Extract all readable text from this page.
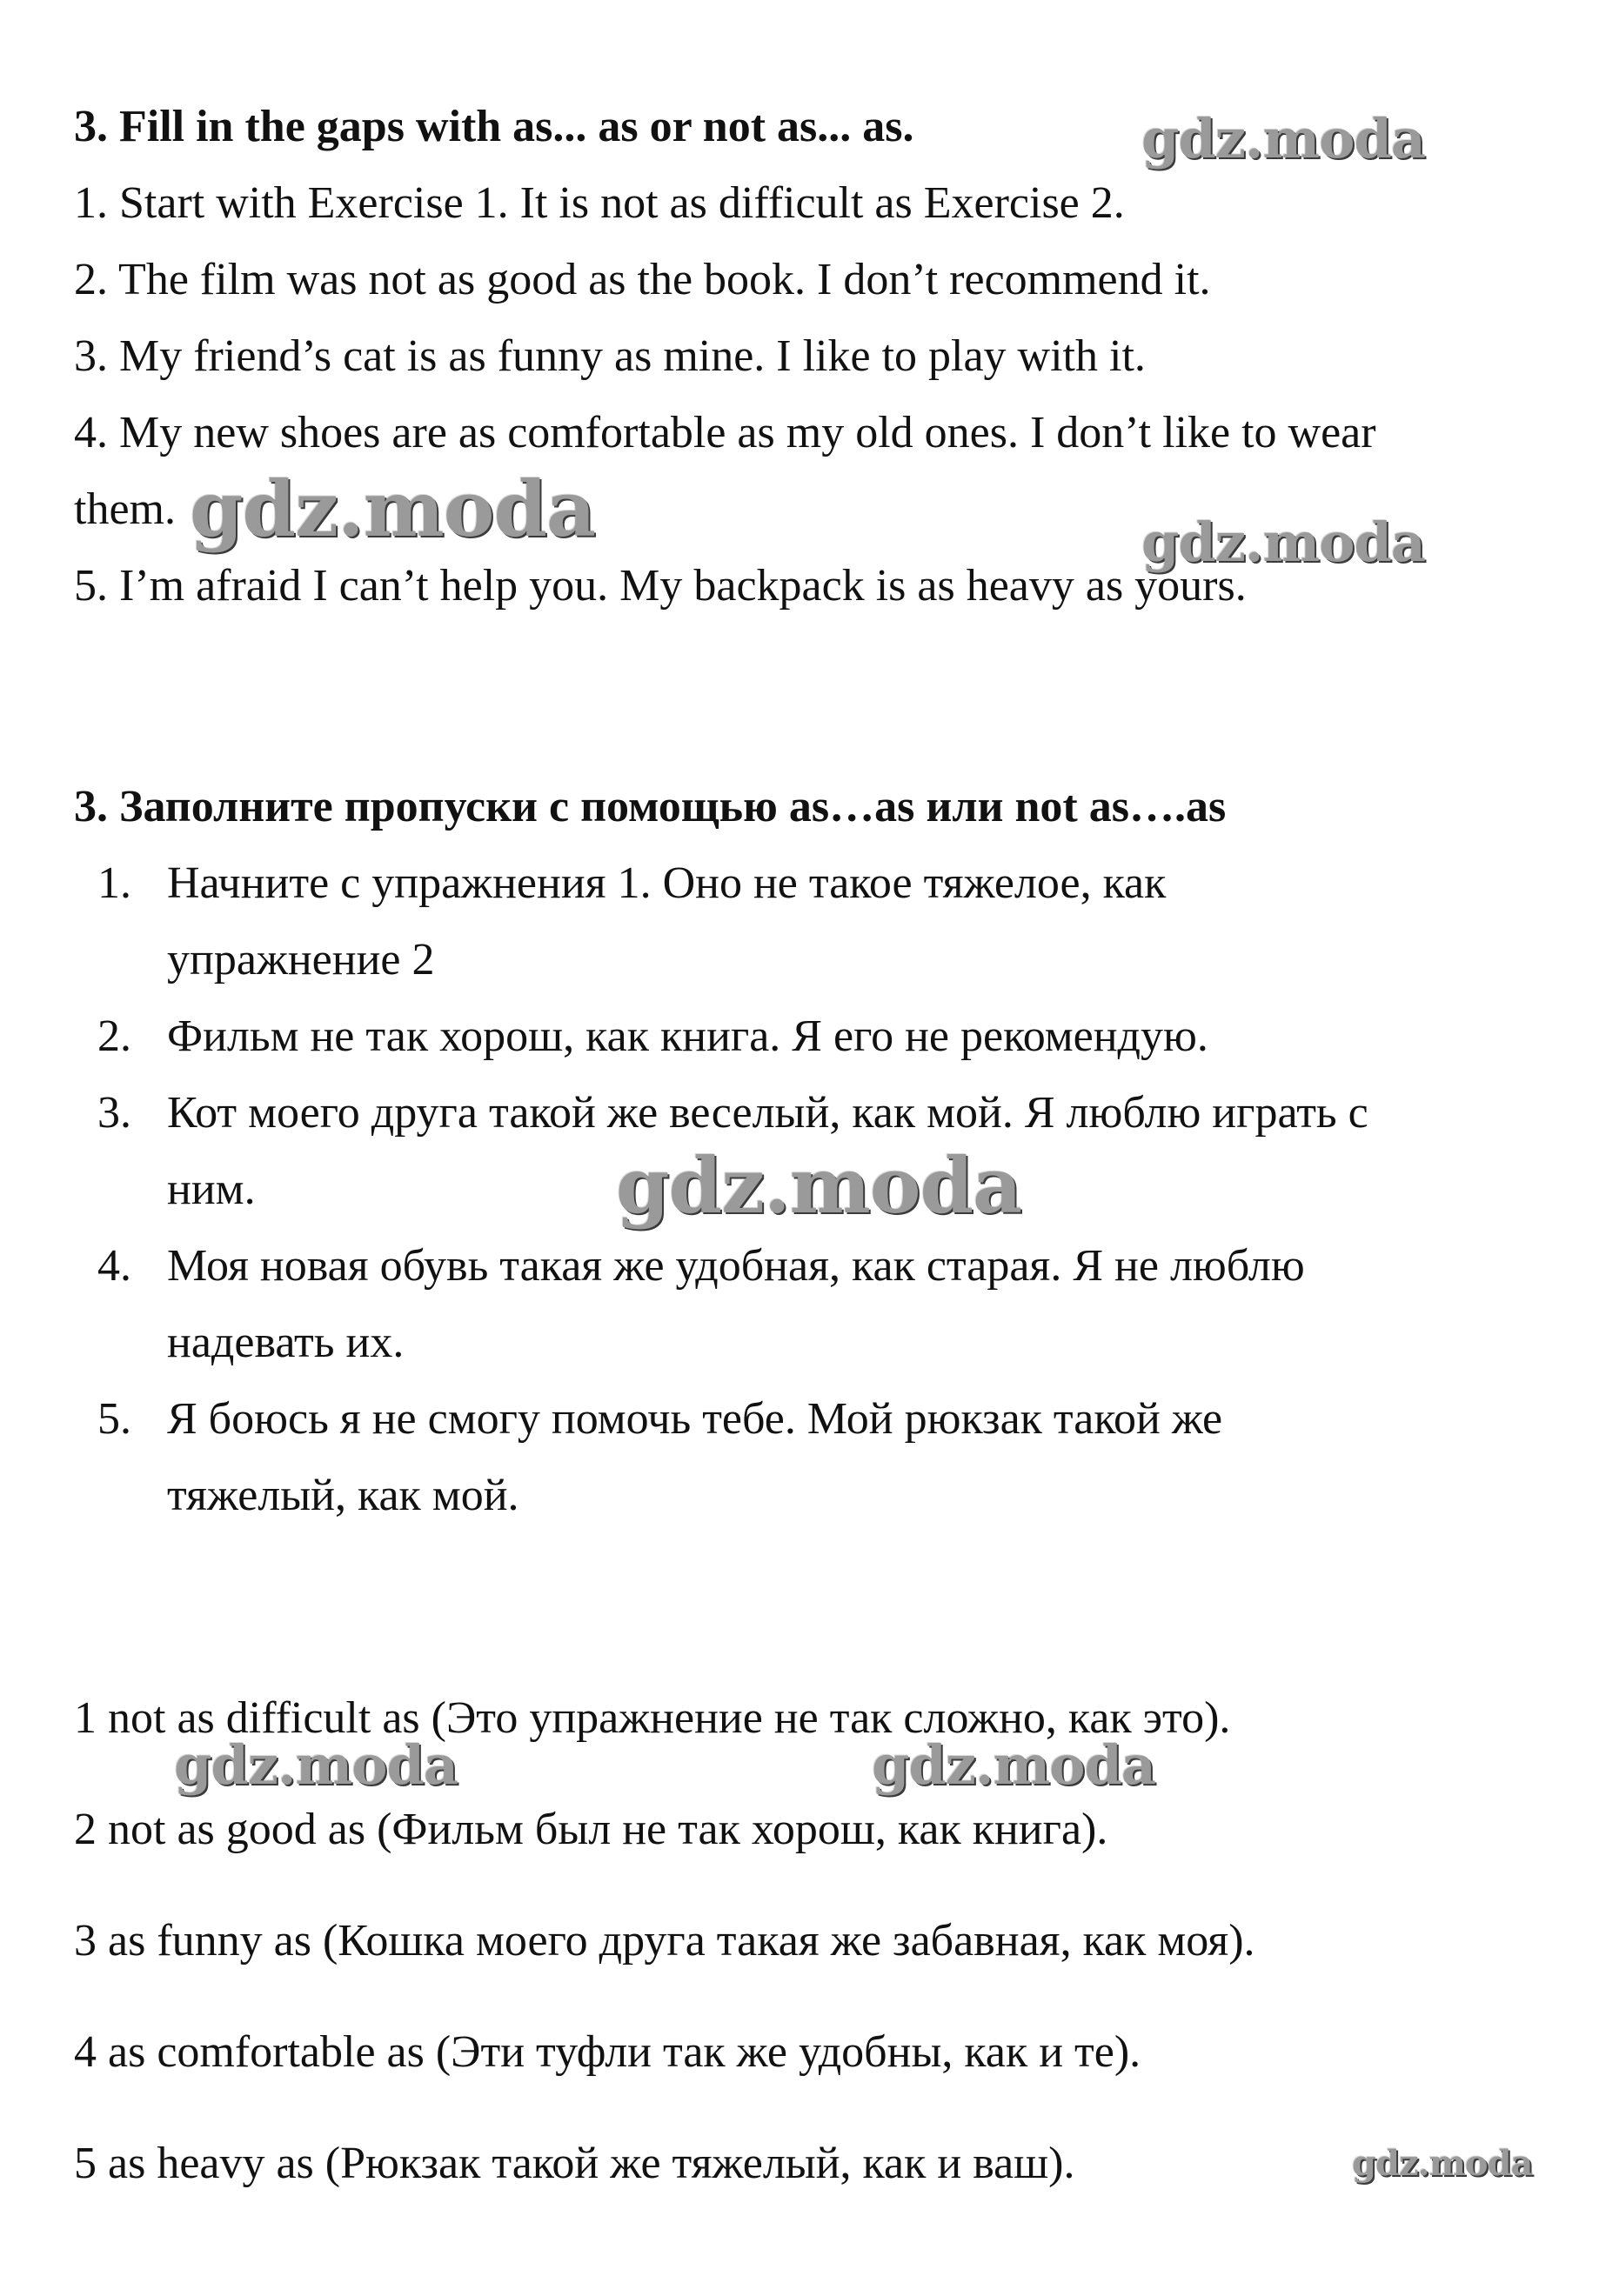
3. Fill in the gaps with as... as or not as... as.
1. Start with Exercise 1. It is not as difficult as Exercise 2.
2. The film was not as good as the book. I don’t recommend it.
3. My friend’s cat is as funny as mine. I like to play with it.
4. My new shoes are as comfortable as my old ones. I don’t like to wear
them.
5. I’m afraid I can’t help you. My backpack is as heavy as yours.
3. Заполните пропуски с помощью as…as или not as….as
1. Начните с упражнения 1. Оно не такое тяжелое, как
упражнение 2
2. Фильм не так хорош, как книга. Я его не рекомендую.
3. Кот моего друга такой же веселый, как мой. Я люблю играть с
ним.
4. Моя новая обувь такая же удобная, как старая. Я не люблю
надевать их.
5. Я боюсь я не смогу помочь тебе. Мой рюкзак такой же
тяжелый, как мой.
1 not as difficult as (Это упражнение не так сложно, как это).
2 not as good as (Фильм был не так хорош, как книга).
3 as funny as (Кошка моего друга такая же забавная, как моя).
4 as comfortable as (Эти туфли так же удобны, как и те).
5 as heavy as (Рюкзак такой же тяжелый, как и ваш).
gdz.moda
gdz.moda	gdz.moda
gdz.moda
gdz.moda	gdz.moda
gdz.moda
